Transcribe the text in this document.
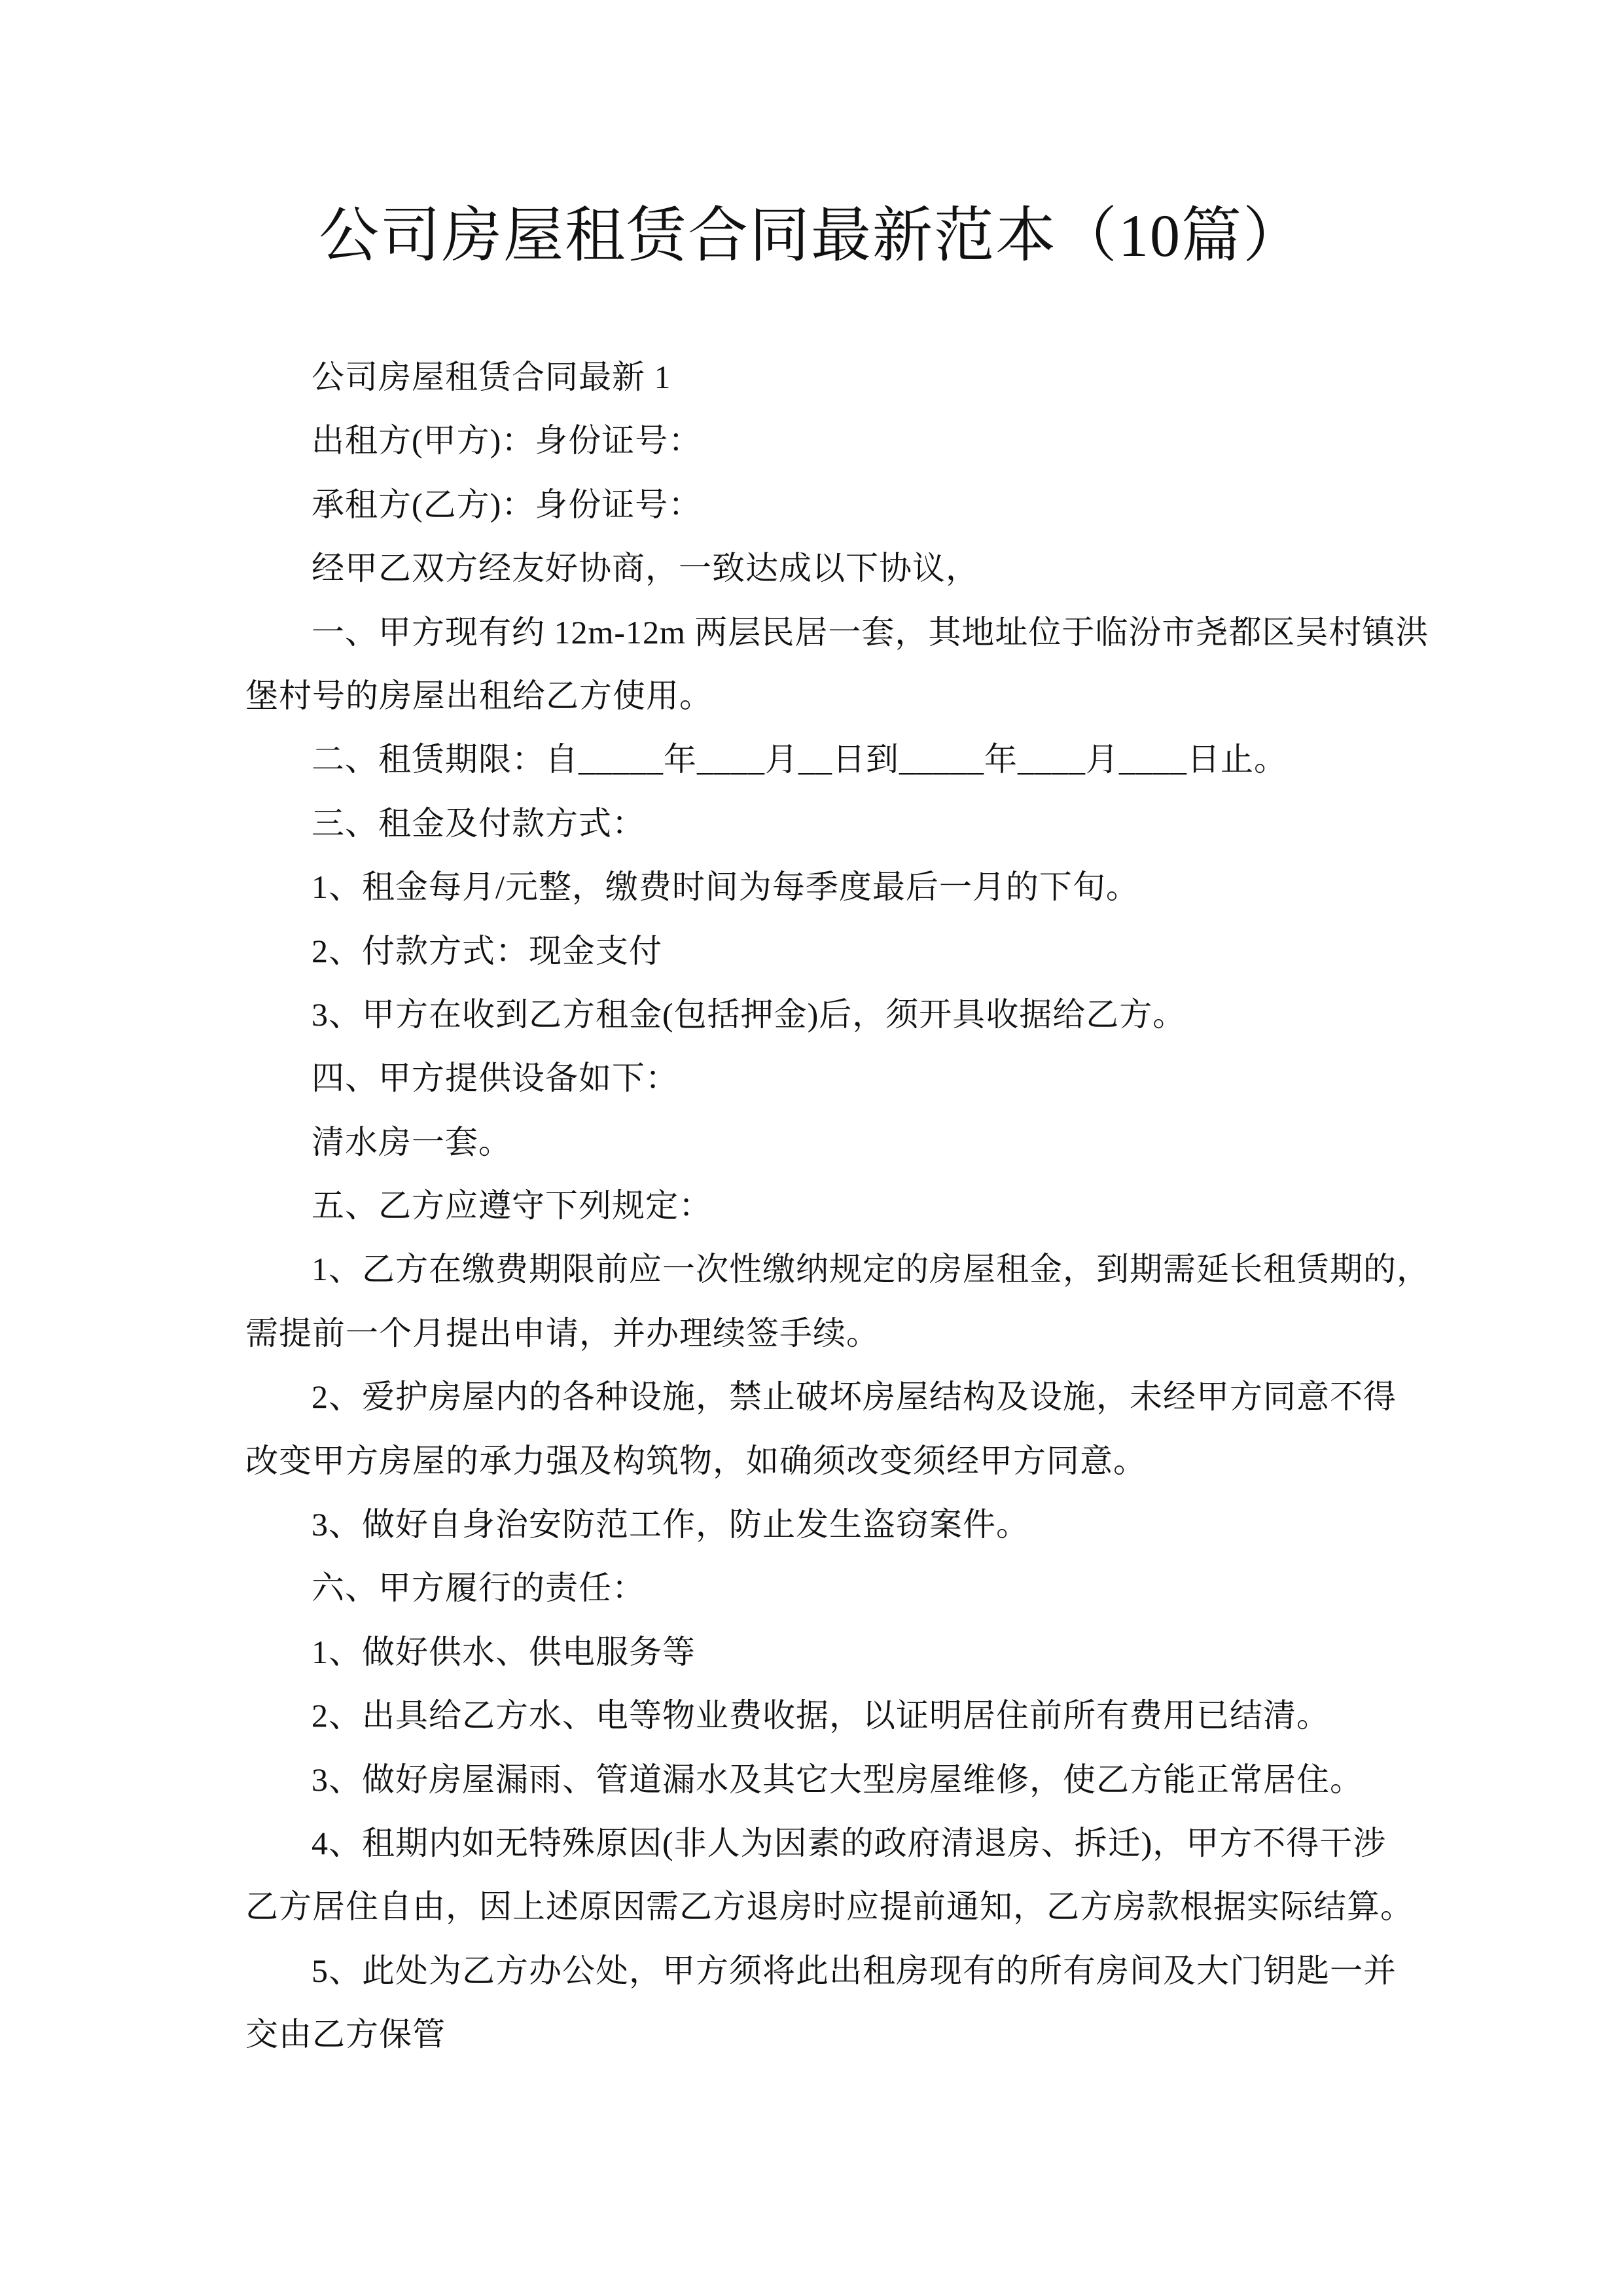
公司房屋租赁合同最新范本（10篇）
公司房屋租赁合同最新 1
出租方(甲方)：身份证号：
承租方(乙方)：身份证号：
经甲乙双方经友好协商，一致达成以下协议，
一、甲方现有约 12m-12m 两层民居一套，其地址位于临汾市尧都区吴村镇洪
堡村号的房屋出租给乙方使用。
二、租赁期限：自_____年____月__日到_____年____月____日止。
三、租金及付款方式：
1、租金每月/元整，缴费时间为每季度最后一月的下旬。
2、付款方式：现金支付
3、甲方在收到乙方租金(包括押金)后，须开具收据给乙方。
四、甲方提供设备如下：
清水房一套。
五、乙方应遵守下列规定：
1、乙方在缴费期限前应一次性缴纳规定的房屋租金，到期需延长租赁期的，
需提前一个月提出申请，并办理续签手续。
2、爱护房屋内的各种设施，禁止破坏房屋结构及设施，未经甲方同意不得
改变甲方房屋的承力强及构筑物，如确须改变须经甲方同意。
3、做好自身治安防范工作，防止发生盗窃案件。
六、甲方履行的责任：
1、做好供水、供电服务等
2、出具给乙方水、电等物业费收据，以证明居住前所有费用已结清。
3、做好房屋漏雨、管道漏水及其它大型房屋维修，使乙方能正常居住。
4、租期内如无特殊原因(非人为因素的政府清退房、拆迁)，甲方不得干涉
乙方居住自由，因上述原因需乙方退房时应提前通知，乙方房款根据实际结算。
5、此处为乙方办公处，甲方须将此出租房现有的所有房间及大门钥匙一并
交由乙方保管
